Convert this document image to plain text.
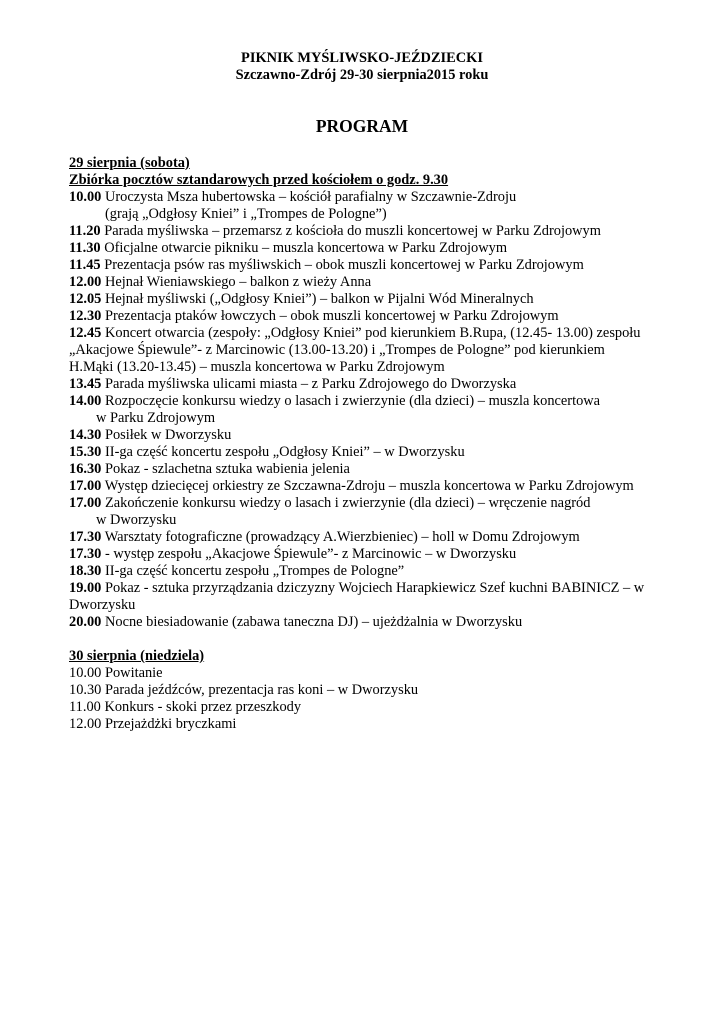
PIKNIK MYŚLIWSKO-JEŹDZIECKI
Szczawno-Zdrój 29-30 sierpnia2015 roku
PROGRAM
29 sierpnia (sobota)
Zbiórka pocztów sztandarowych przed kościołem o godz. 9.30
10.00 Uroczysta Msza hubertowska – kościół parafialny w Szczawnie-Zdroju
(grają „Odgłosy Kniei” i „Trompes de Pologne”)
11.20 Parada myśliwska – przemarsz z kościoła do muszli koncertowej w Parku Zdrojowym
11.30 Oficjalne otwarcie pikniku – muszla koncertowa w Parku Zdrojowym
11.45 Prezentacja psów ras myśliwskich – obok muszli koncertowej w Parku Zdrojowym
12.00 Hejnał Wieniawskiego – balkon z wieży Anna
12.05 Hejnał myśliwski („Odgłosy Kniei”) – balkon w Pijalni Wód Mineralnych
12.30 Prezentacja ptaków łowczych – obok muszli koncertowej w Parku Zdrojowym
12.45 Koncert otwarcia (zespoły: „Odgłosy Kniei” pod kierunkiem B.Rupa, (12.45- 13.00) zespołu
„Akacjowe Śpiewule”- z Marcinowic (13.00-13.20) i „Trompes de Pologne” pod kierunkiem
H.Mąki (13.20-13.45) – muszla koncertowa w Parku Zdrojowym
13.45 Parada myśliwska ulicami miasta – z Parku Zdrojowego do Dworzyska
14.00 Rozpoczęcie konkursu wiedzy o lasach i zwierzynie (dla dzieci) – muszla koncertowa
w Parku Zdrojowym
14.30 Posiłek w Dworzysku
15.30 II-ga część koncertu zespołu „Odgłosy Kniei” – w Dworzysku
16.30 Pokaz - szlachetna sztuka wabienia jelenia
17.00 Występ dziecięcej orkiestry ze Szczawna-Zdroju – muszla koncertowa w Parku Zdrojowym
17.00 Zakończenie konkursu wiedzy o lasach i zwierzynie (dla dzieci) – wręczenie nagród
w Dworzysku
17.30 Warsztaty fotograficzne (prowadzący A.Wierzbieniec) – holl w Domu Zdrojowym
17.30 - występ zespołu „Akacjowe Śpiewule”- z Marcinowic – w Dworzysku
18.30 II-ga część koncertu zespołu „Trompes de Pologne”
19.00 Pokaz - sztuka przyrządzania dziczyzny Wojciech Harapkiewicz Szef kuchni BABINICZ – w
Dworzysku
20.00 Nocne biesiadowanie (zabawa taneczna DJ) – ujeżdżalnia w Dworzysku
30 sierpnia (niedziela)
10.00 Powitanie
10.30 Parada jeźdźców, prezentacja ras koni – w Dworzysku
11.00 Konkurs - skoki przez przeszkody
12.00 Przejażdżki bryczkami
